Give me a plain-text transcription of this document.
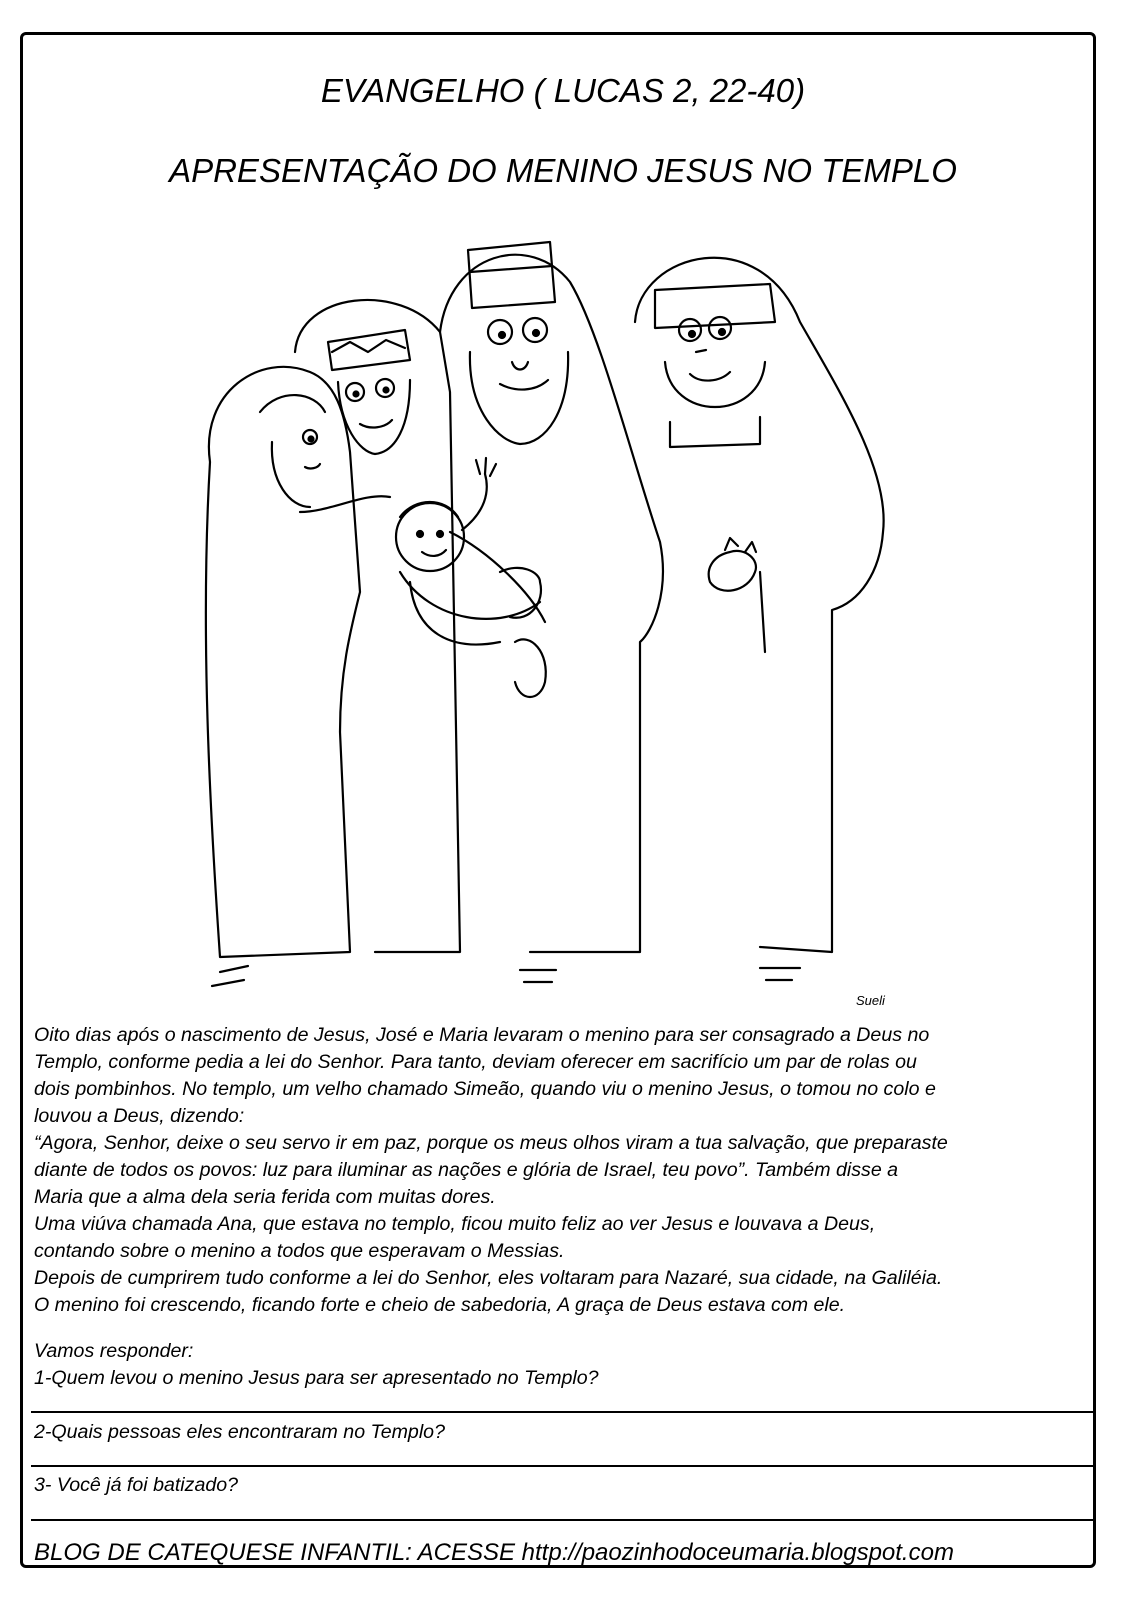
EVANGELHO ( LUCAS 2, 22-40)
APRESENTAÇÃO DO MENINO JESUS NO TEMPLO
Sueli

Oito dias após o nascimento de Jesus, José e Maria levaram o menino para ser consagrado a Deus no

Templo, conforme pedia a lei do Senhor. Para tanto, deviam oferecer em sacrifício um par de rolas ou

dois pombinhos. No templo, um velho chamado Simeão, quando viu o menino Jesus, o tomou no colo e

louvou a Deus, dizendo:

“Agora, Senhor, deixe o seu servo ir em paz, porque os meus olhos viram a tua salvação, que preparaste

diante de todos os povos: luz para iluminar as nações e glória de Israel, teu povo”. Também disse a

Maria que a alma dela seria ferida com muitas dores.

Uma viúva chamada Ana, que estava no templo, ficou muito feliz ao ver Jesus e louvava a Deus,

contando sobre o menino a todos que esperavam o Messias.

Depois de cumprirem tudo conforme a lei do Senhor, eles voltaram para Nazaré, sua cidade, na Galiléia.

O menino foi crescendo, ficando forte e cheio de sabedoria, A graça de Deus estava com ele.

Vamos responder:
1-Quem levou o menino Jesus para ser apresentado no Templo?
2-Quais pessoas eles encontraram no Templo?
3- Você já foi batizado?
BLOG DE CATEQUESE INFANTIL: ACESSE http://paozinhodoceumaria.blogspot.com
